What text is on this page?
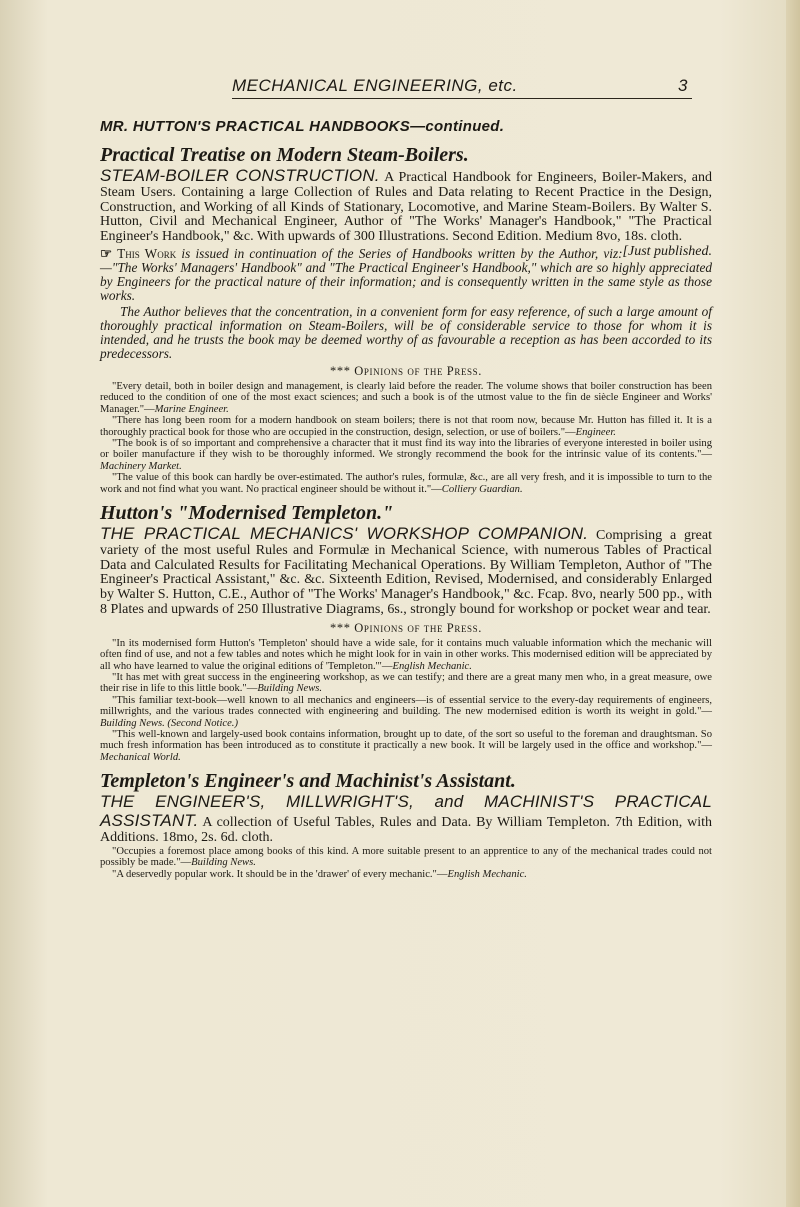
MECHANICAL ENGINEERING, etc.	3

MR. HUTTON'S PRACTICAL HANDBOOKS—continued.

Practical Treatise on Modern Steam-Boilers.

STEAM-BOILER CONSTRUCTION. A Practical Handbook for Engineers, Boiler-Makers, and Steam Users. Containing a large Collection of Rules and Data relating to Recent Practice in the Design, Construction, and Working of all Kinds of Stationary, Locomotive, and Marine Steam-Boilers. By Walter S. Hutton, Civil and Mechanical Engineer, Author of "The Works' Manager's Handbook," "The Practical Engineer's Handbook," &c. With upwards of 300 Illustrations. Second Edition. Medium 8vo, 18s. cloth.
[Just published.

☞ This Work is issued in continuation of the Series of Handbooks written by the Author, viz:—"The Works' Managers' Handbook" and "The Practical Engineer's Handbook," which are so highly appreciated by Engineers for the practical nature of their information; and is consequently written in the same style as those works.

The Author believes that the concentration, in a convenient form for easy reference, of such a large amount of thoroughly practical information on Steam-Boilers, will be of considerable service to those for whom it is intended, and he trusts the book may be deemed worthy of as favourable a reception as has been accorded to its predecessors.

*** Opinions of the Press.

"Every detail, both in boiler design and management, is clearly laid before the reader. The volume shows that boiler construction has been reduced to the condition of one of the most exact sciences; and such a book is of the utmost value to the fin de siècle Engineer and Works' Manager."—Marine Engineer.

"There has long been room for a modern handbook on steam boilers; there is not that room now, because Mr. Hutton has filled it. It is a thoroughly practical book for those who are occupied in the construction, design, selection, or use of boilers."—Engineer.

"The book is of so important and comprehensive a character that it must find its way into the libraries of everyone interested in boiler using or boiler manufacture if they wish to be thoroughly informed. We strongly recommend the book for the intrinsic value of its contents."—Machinery Market.

"The value of this book can hardly be over-estimated. The author's rules, formulæ, &c., are all very fresh, and it is impossible to turn to the work and not find what you want. No practical engineer should be without it."—Colliery Guardian.

Hutton's "Modernised Templeton."

THE PRACTICAL MECHANICS' WORKSHOP COMPANION. Comprising a great variety of the most useful Rules and Formulæ in Mechanical Science, with numerous Tables of Practical Data and Calculated Results for Facilitating Mechanical Operations. By William Templeton, Author of "The Engineer's Practical Assistant," &c. &c. Sixteenth Edition, Revised, Modernised, and considerably Enlarged by Walter S. Hutton, C.E., Author of "The Works' Manager's Handbook," &c. Fcap. 8vo, nearly 500 pp., with 8 Plates and upwards of 250 Illustrative Diagrams, 6s., strongly bound for workshop or pocket wear and tear.

*** Opinions of the Press.

"In its modernised form Hutton's 'Templeton' should have a wide sale, for it contains much valuable information which the mechanic will often find of use, and not a few tables and notes which he might look for in vain in other works. This modernised edition will be appreciated by all who have learned to value the original editions of 'Templeton.'"—English Mechanic.

"It has met with great success in the engineering workshop, as we can testify; and there are a great many men who, in a great measure, owe their rise in life to this little book."—Building News.

"This familiar text-book—well known to all mechanics and engineers—is of essential service to the every-day requirements of engineers, millwrights, and the various trades connected with engineering and building. The new modernised edition is worth its weight in gold."—Building News. (Second Notice.)

"This well-known and largely-used book contains information, brought up to date, of the sort so useful to the foreman and draughtsman. So much fresh information has been introduced as to constitute it practically a new book. It will be largely used in the office and workshop."—Mechanical World.

Templeton's Engineer's and Machinist's Assistant.

THE ENGINEER'S, MILLWRIGHT'S, and MACHINIST'S PRACTICAL ASSISTANT. A collection of Useful Tables, Rules and Data. By William Templeton. 7th Edition, with Additions. 18mo, 2s. 6d. cloth.

"Occupies a foremost place among books of this kind. A more suitable present to an apprentice to any of the mechanical trades could not possibly be made."—Building News.

"A deservedly popular work. It should be in the 'drawer' of every mechanic."—English Mechanic.
